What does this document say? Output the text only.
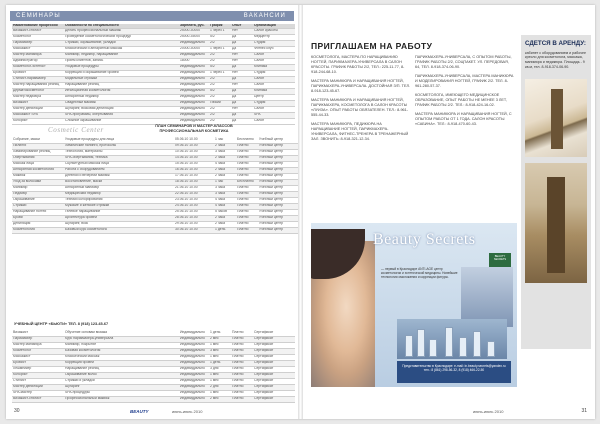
СЕМИНАРЫ	ВАКАНСИИ
Наименование профессии	Обязанности по специальности	Зарплата, руб.	График	Опыт	Организация
Визажист-стилист	Делать профессиональный макияж	25000-30000	1 через 1	Нет	Салон красоты
Косметолог	Проведение косметологических процедур	25000-35000	5/2	Да	Медцентр
Парикмахер	Стрижки, окрашивание, укладки	Индивидуально	2/2	Да	Студия
Массажист	Классический и аппаратный массаж	20000-30000	1 через 1	Да	Фитнес клуб
Мастер маникюра	Маникюр, педикюр, наращивание	Индивидуально	2/2	Нет	Салон
Администратор	Прием клиентов, запись	18000	2/2	Нет	Салон
Косметолог-эстетист	Уходовые процедуры	Индивидуально	5/2	Да	Клиника
Бровист	Коррекция и окрашивание бровей	Индивидуально	1 через 1	Нет	Студия
Стилист-парикмахер	Модельные стрижки	Индивидуально	2/2	Да	Салон
Мастер наращивания ресниц	Наращивание ресниц	Индивидуально	2/2	Нет	Салон
Дерматокосметолог	Инъекционная косметология	Индивидуально	5/2	Да	Клиника
Мастер педикюра	Аппаратный педикюр	Индивидуально	2/2	Да	Центр
Визажист	Свадебный макияж	Индивидуально	Гибкий	Да	Студия
Мастер депиляции	Шугаринг, восковая депиляция	Индивидуально	2/2	Нет	Салон
Массажист SPA	SPA-программы, обертывания	Индивидуально	2/2	Да	SPA
Колорист	Сложное окрашивание	Индивидуально	2/2	Да	Салон
Cosmetic Center	ПЛАН СЕМИНАРОВ И МАСТЕР-КЛАССОВ
ПРОФЕССИОНАЛЬНАЯ КОСМЕТИКА
Собрание, маски	Уходовые процедуры для лица	05.06.10 10.00	1 час	Бесплатно	Учебный центр
Пилинги	Химические пилинги, протоколы	09.06.10 10.00	2 часа	Платно	Учебный центр
Ламинирование ресниц	Технология, материалы	10.06.10 10.00	3 часа	Платно	Учебный центр
Обертывания	SPA-обертывания, техника	14.06.10 10.00	2 часа	Платно	Учебный центр
Массаж лица	Скульптурный массаж лица	15.06.10 10.00	4 часа	Платно	Учебный центр
Аппаратная косметология	Работа с оборудованием	16.06.10 10.00	2 часа	Платно	Учебный центр
Макияж	Дневной и вечерний макияж	17.06.10 10.00	2 часа	Платно	Учебный центр
Уход за волосами	Восстановление, маски	18.06.10 10.00	1 час	Бесплатно	Учебный центр
Маникюр	Аппаратный маникюр	21.06.10 10.00	3 часа	Платно	Учебный центр
Педикюр	Медицинский педикюр	22.06.10 10.00	3 часа	Платно	Учебный центр
Окрашивание	Техники колорирования	23.06.10 10.00	4 часа	Платно	Учебный центр
Стрижки	Мужские и женские стрижки	24.06.10 10.00	4 часа	Платно	Учебный центр
Наращивание ногтей	Гелевое наращивание	25.06.10 10.00	5 часов	Платно	Учебный центр
Брови	Архитектура бровей	28.06.10 10.00	2 часа	Платно	Учебный центр
Депиляция	Шугаринг, воск	29.06.10 10.00	2 часа	Платно	Учебный центр
Косметология	Базовый курс косметолога	30.06.10 10.00	1 день	Платно	Учебный центр
УЧЕБНЫЙ ЦЕНТР «БЬЮТИ» ТЕЛ. 8 (918) 123-45-67
Визажист	Обучение основам визажа	Индивидуально	1 день	Платно	Сертификат
Парикмахер	Курс парикмахера-универсала	Индивидуально	2 мес	Платно	Сертификат
Мастер маникюра	Маникюр, покрытие	Индивидуально	1 мес	Платно	Сертификат
Косметолог	Базовая косметология	Индивидуально	3 мес	Платно	Сертификат
Массажист	Классический массаж	Индивидуально	1 мес	Платно	Сертификат
Бровист	Коррекция бровей	Индивидуально	1 день	Платно	Сертификат
Лешмейкер	Наращивание ресниц	Индивидуально	3 дня	Платно	Сертификат
Колорист	Окрашивание волос	Индивидуально	1 мес	Платно	Сертификат
Стилист	Стрижки и укладки	Индивидуально	1 мес	Платно	Сертификат
Мастер депиляции	Шугаринг	Индивидуально	2 дня	Платно	Сертификат
SPA-мастер	SPA-процедуры	Индивидуально	1 мес	Платно	Сертификат
Визажист-стилист	Профессиональный макияж	Индивидуально	2 мес	Платно	Сертификат
30	BEAUTY	июнь-июль 2010
ПРИГЛАШАЕМ НА РАБОТУ

КОСМЕТОЛОГА, МАСТЕРА ПО НАРАЩИВАНИЮ НОГТЕЙ, ПАРИКМАХЕРА-УНИВЕРСАЛА В САЛОН КРАСОТЫ. ГРАФИК РАБОТЫ 2/2, ТЕЛ.: 225-11-77, 8-918-244-68-10.

МАСТЕРА МАНИКЮРА И НАРАЩИВАНИЯ НОГТЕЙ, ПАРИКМАХЕРА-УНИВЕРСАЛА. ДОСТОЙНАЯ З/П. ТЕЛ. 8-918-123-45-67.

МАСТЕРА МАНИКЮРА И НАРАЩИВАНИЯ НОГТЕЙ, ПАРИКМАХЕРА, КОСМЕТОЛОГА В САЛОН КРАСОТЫ «ЛУИЗА». ОПЫТ РАБОТЫ ОБЯЗАТЕЛЕН. ТЕЛ.: 8-961-555-44-33.

МАСТЕРА МАНИКЮРА, ПЕДИКЮРА НА НАРАЩИВАНИЕ НОГТЕЙ, ПАРИКМАХЕРА-УНИВЕРСАЛА, ФИТНЕС-ТРЕНЕРА В ТРЕНАЖЕРНЫЙ ЗАЛ. ЗВОНИТЬ: 8-918-321-12-34.

ПАРИКМАХЕРА-УНИВЕРСАЛА, С ОПЫТОМ РАБОТЫ, ГРАФИК РАБОТЫ 2/2, СОЦПАКЕТ. УЛ. ПЕРЕДОВАЯ, 64, ТЕЛ. 8-918-374-06-90.

ПАРИКМАХЕРА-УНИВЕРСАЛА, МАСТЕРА МАНИКЮРА И МОДЕЛИРОВАНИЯ НОГТЕЙ, ГРАФИК 2/2. ТЕЛ. 8-961-280-57-37.

КОСМЕТОЛОГА, ИМЕЮЩЕГО МЕДИЦИНСКОЕ ОБРАЗОВАНИЕ, ОПЫТ РАБОТЫ НЕ МЕНЕЕ 3 ЛЕТ, ГРАФИК РАБОТЫ 2/2. ТЕЛ.: 8-918-424-16-02.

МАСТЕРА МАНИКЮРА И НАРАЩИВАНИЯ НОГТЕЙ, С ОПЫТОМ РАБОТЫ ОТ 1 ГОДА. САЛОН КРАСОТЫ «САБИНА». ТЕЛ.: 8-918-470-60-43.

СДЕТСЯ В АРЕНДУ:
кабинет с оборудованием и рабочее кресло для косметолога, массажа, маникюра и педикюра. Площадь - 9 кв.м, тел. 8-918-374-06-90.
Beauty Secrets
BEAUTY SECRETS
— первый в Краснодаре ANTI-AGE центр косметологии и эстетической медицины. Новейшие технологии омоложения и коррекции фигуры.
Представительство в Краснодаре: e-mail: in.beauty.secrets@yandex.ru тел.: 8 (861) 298-56-32, 8 (918) 466-22-50
июнь-июль 2010	31
